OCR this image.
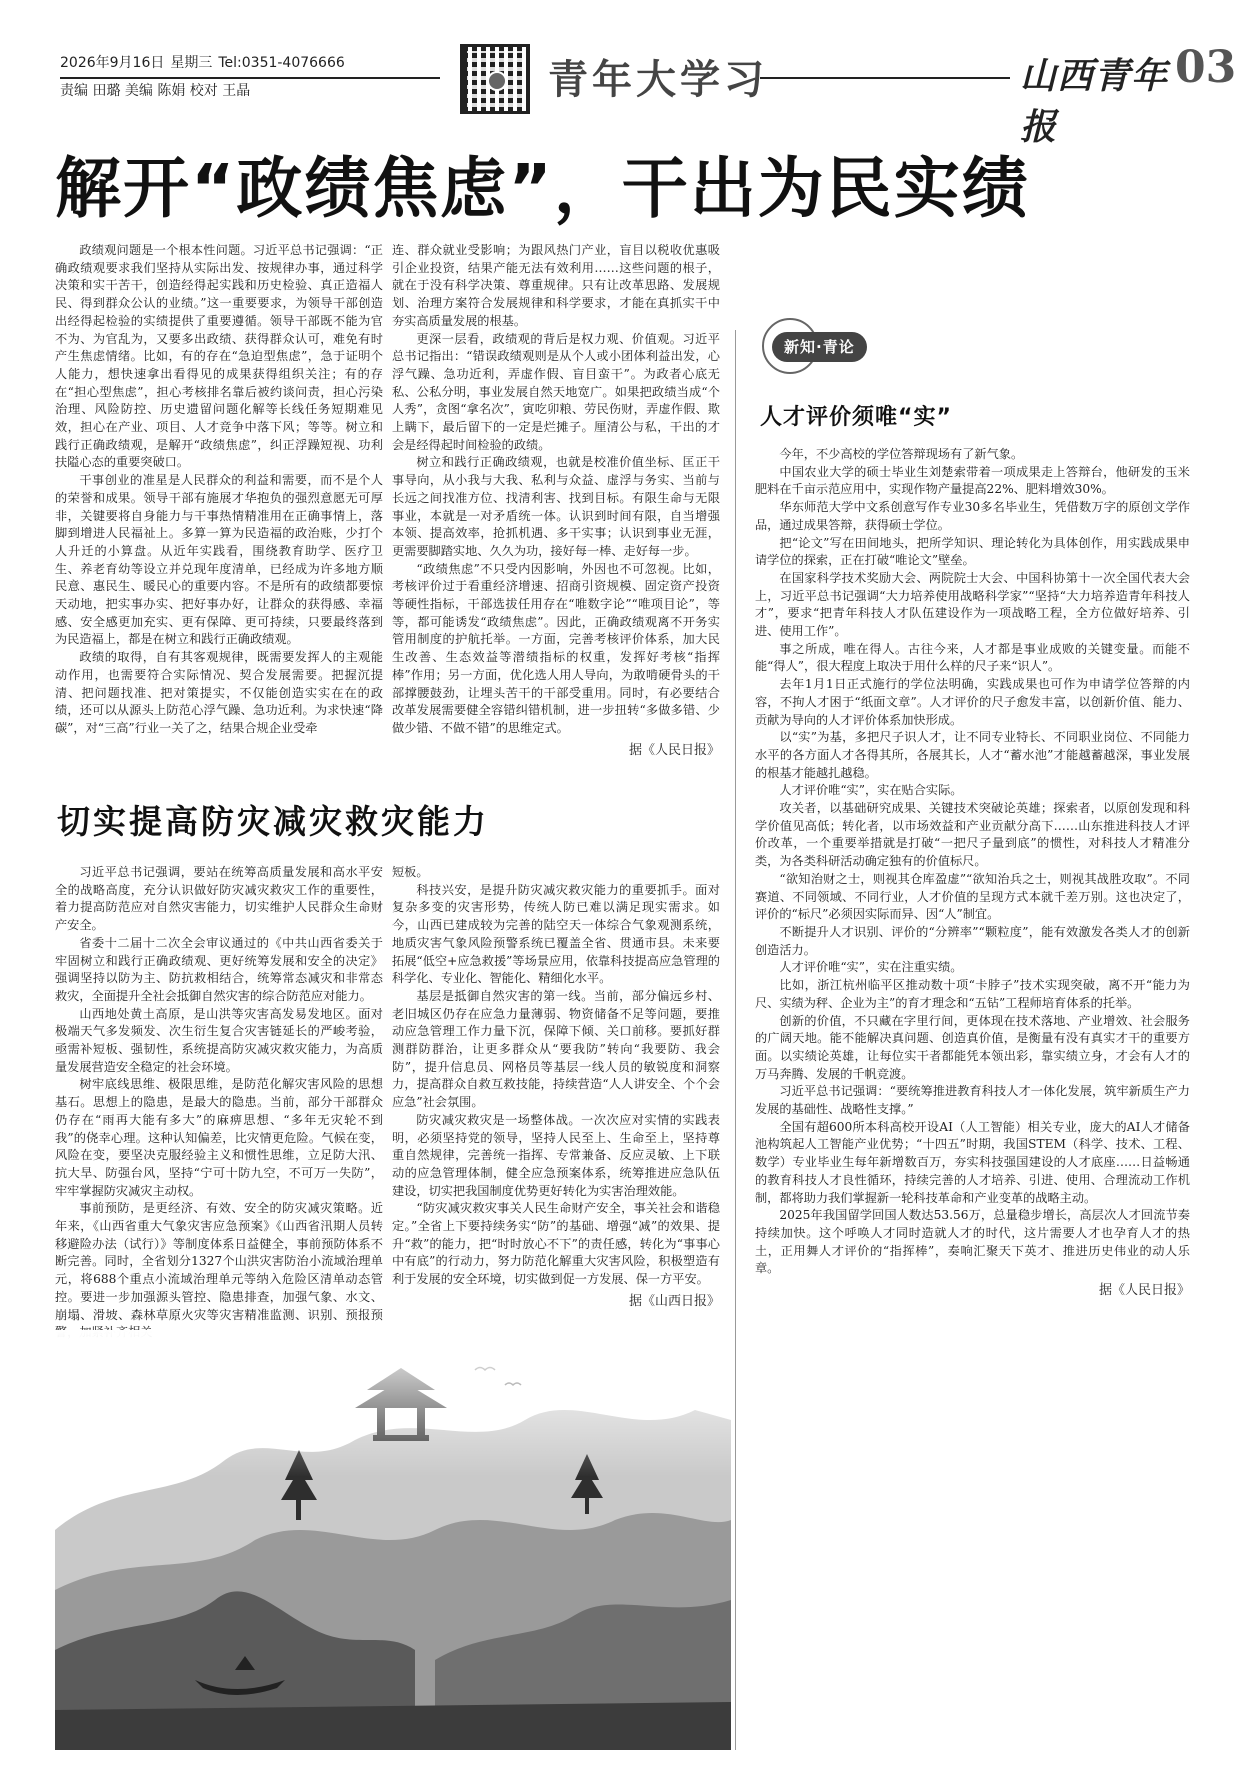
2026年9月16日 星期三 Tel:0351-4076666
责编 田璐 美编 陈娟 校对 王晶	青年大学习	山西青年报
03
解开“政绩焦虑”，干出为民实绩

政绩观问题是一个根本性问题。习近平总书记强调：“正确政绩观要求我们坚持从实际出发、按规律办事，通过科学决策和实干苦干，创造经得起实践和历史检验、真正造福人民、得到群众公认的业绩。”这一重要要求，为领导干部创造出经得起检验的实绩提供了重要遵循。领导干部既不能为官不为、为官乱为，又要多出政绩、获得群众认可，难免有时产生焦虑情绪。比如，有的存在“急迫型焦虑”，急于证明个人能力，想快速拿出看得见的成果获得组织关注；有的存在“担心型焦虑”，担心考核排名靠后被约谈问责，担心污染治理、风险防控、历史遗留问题化解等长线任务短期难见效，担心在产业、项目、人才竞争中落下风；等等。树立和践行正确政绩观，是解开“政绩焦虑”，纠正浮躁短视、功利扶隘心态的重要突破口。

干事创业的准星是人民群众的利益和需要，而不是个人的荣誉和成果。领导干部有施展才华抱负的强烈意愿无可厚非，关键要将自身能力与干事热情精准用在正确事情上，落脚到增进人民福祉上。多算一算为民造福的政治账，少打个人升迁的小算盘。从近年实践看，围绕教育助学、医疗卫生、养老育幼等设立并兑现年度清单，已经成为许多地方顺民意、惠民生、暖民心的重要内容。不是所有的政绩都要惊天动地，把实事办实、把好事办好，让群众的获得感、幸福感、安全感更加充实、更有保障、更可持续，只要最终落到为民造福上，都是在树立和践行正确政绩观。

政绩的取得，自有其客观规律，既需要发挥人的主观能动作用，也需要符合实际情况、契合发展需要。把握沉提清、把问题找准、把对策提实，不仅能创造实实在在的政绩，还可以从源头上防范心浮气躁、急功近利。为求快速“降碳”，对“三高”行业一关了之，结果合规企业受牵

连、群众就业受影响；为跟风热门产业，盲目以税收优惠吸引企业投资，结果产能无法有效利用……这些问题的根子，就在于没有科学决策、尊重规律。只有让改革思路、发展规划、治理方案符合发展规律和科学要求，才能在真抓实干中夯实高质量发展的根基。

更深一层看，政绩观的背后是权力观、价值观。习近平总书记指出：“错误政绩观则是从个人或小团体利益出发，心浮气躁、急功近利，弄虚作假、盲目蛮干”。为政者心底无私、公私分明，事业发展自然天地宽广。如果把政绩当成“个人秀”，贪图“拿名次”，寅吃卯粮、劳民伤财，弄虚作假、欺上瞒下，最后留下的一定是烂摊子。厘清公与私，干出的才会是经得起时间检验的政绩。

树立和践行正确政绩观，也就是校准价值坐标、匡正干事导向，从小我与大我、私利与众益、虚浮与务实、当前与长远之间找准方位、找清利害、找到目标。有限生命与无限事业，本就是一对矛盾统一体。认识到时间有限，自当增强本领、提高效率，抢抓机遇、多干实事；认识到事业无涯，更需要脚踏实地、久久为功，接好每一棒、走好每一步。

“政绩焦虑”不只受内因影响，外因也不可忽视。比如，考核评价过于看重经济增速、招商引资规模、固定资产投资等硬性指标，干部选拔任用存在“唯数字论”“唯项目论”，等等，都可能诱发“政绩焦虑”。因此，正确政绩观离不开务实管用制度的护航托举。一方面，完善考核评价体系，加大民生改善、生态效益等潜绩指标的权重，发挥好考核“指挥棒”作用；另一方面，优化选人用人导向，为敢啃硬骨头的干部撑腰鼓劲，让埋头苦干的干部受重用。同时，有必要结合改革发展需要健全容错纠错机制，进一步扭转“多做多错、少做少错、不做不错”的思维定式。

据《人民日报》
切实提高防灾减灾救灾能力

习近平总书记强调，要站在统筹高质量发展和高水平安全的战略高度，充分认识做好防灾减灾救灾工作的重要性，着力提高防范应对自然灾害能力，切实维护人民群众生命财产安全。

省委十二届十二次全会审议通过的《中共山西省委关于牢固树立和践行正确政绩观、更好统筹发展和安全的决定》强调坚持以防为主、防抗救相结合，统筹常态减灾和非常态救灾，全面提升全社会抵御自然灾害的综合防范应对能力。

山西地处黄土高原，是山洪等灾害高发易发地区。面对极端天气多发频发、次生衍生复合灾害链延长的严峻考验，亟需补短板、强韧性，系统提高防灾减灾救灾能力，为高质量发展营造安全稳定的社会环境。

树牢底线思维、极限思维，是防范化解灾害风险的思想基石。思想上的隐患，是最大的隐患。当前，部分干部群众仍存在“雨再大能有多大”的麻痹思想、“多年无灾轮不到我”的侥幸心理。这种认知偏差，比灾情更危险。气候在变，风险在变，要坚决克服经验主义和惯性思维，立足防大汛、抗大旱、防强台风，坚持“宁可十防九空，不可万一失防”，牢牢掌握防灾减灾主动权。

事前预防，是更经济、有效、安全的防灾减灾策略。近年来，《山西省重大气象灾害应急预案》《山西省汛期人员转移避险办法（试行）》等制度体系日益健全，事前预防体系不断完善。同时，全省划分1327个山洪灾害防治小流域治理单元，将688个重点小流域治理单元等纳入危险区清单动态管控。要进一步加强源头管控、隐患排查，加强气象、水文、崩塌、滑坡、森林草原火灾等灾害精准监测、识别、预报预

短板。

科技兴安，是提升防灾减灾救灾能力的重要抓手。面对复杂多变的灾害形势，传统人防已难以满足现实需求。如今，山西已建成较为完善的陆空天一体综合气象观测系统，地质灾害气象风险预警系统已覆盖全省、贯通市县。未来要拓展“低空+应急救援”等场景应用，依靠科技提高应急管理的科学化、专业化、智能化、精细化水平。

基层是抵御自然灾害的第一线。当前，部分偏远乡村、老旧城区仍存在应急力量薄弱、物资储备不足等问题，要推动应急管理工作力量下沉，保障下倾、关口前移。要抓好群测群防群治，让更多群众从“要我防”转向“我要防、我会防”，提升信息员、网格员等基层一线人员的敏锐度和洞察力，提高群众自救互救技能，持续营造“人人讲安全、个个会应急”社会氛围。

防灾减灾救灾是一场整体战。一次次应对实情的实践表明，必须坚持党的领导，坚持人民至上、生命至上，坚持尊重自然规律，完善统一指挥、专常兼备、反应灵敏、上下联动的应急管理体制，健全应急预案体系，统筹推进应急队伍建设，切实把我国制度优势更好转化为实害治理效能。

“防灾减灾救灾事关人民生命财产安全，事关社会和谐稳定。”全省上下要持续务实“防”的基础、增强“减”的效果、提升“救”的能力，把“时时放心不下”的责任感，转化为“事事心中有底”的行动力，努力防范化解重大灾害风险，积极塑造有利于发展的安全环境，切实做到促一方发展、保一方平安。

据《山西日报》
新知·青论
人才评价须唯“实”

今年，不少高校的学位答辩现场有了新气象。

中国农业大学的硕士毕业生刘楚索带着一项成果走上答辩台，他研发的玉米肥料在千亩示范应用中，实现作物产量提高22%、肥料增效30%。

华东师范大学中文系创意写作专业30多名毕业生，凭借数万字的原创文学作品，通过成果答辩，获得硕士学位。

把“论文”写在田间地头，把所学知识、理论转化为具体创作，用实践成果申请学位的探索，正在打破“唯论文”壁垒。

在国家科学技术奖励大会、两院院士大会、中国科协第十一次全国代表大会上，习近平总书记强调“大力培养使用战略科学家”“坚持“大力培养造青年科技人才”，要求“把青年科技人才队伍建设作为一项战略工程，全方位做好培养、引进、使用工作”。

事之所成，唯在得人。古往今来，人才都是事业成败的关键变量。而能不能“得人”，很大程度上取决于用什么样的尺子来“识人”。

去年1月1日正式施行的学位法明确，实践成果也可作为申请学位答辩的内容，不拘人才困于“纸面文章”。人才评价的尺子愈发丰富，以创新价值、能力、贡献为导向的人才评价体系加快形成。

以“实”为基，多把尺子识人才，让不同专业特长、不同职业岗位、不同能力水平的各方面人才各得其所，各展其长，人才“蓄水池”才能越蓄越深，事业发展的根基才能越扎越稳。

人才评价唯“实”，实在贴合实际。

攻关者，以基础研究成果、关键技术突破论英雄；探索者，以原创发现和科学价值见高低；转化者，以市场效益和产业贡献分高下……山东推进科技人才评价改革，一个重要举措就是打破“一把尺子量到底”的惯性，对科技人才精准分类，为各类科研活动确定独有的价值标尺。

“欲知治财之士，则视其仓库盈虚”“欲知治兵之士，则视其战胜攻取”。不同赛道、不同领域、不同行业，人才价值的呈现方式本就千差万别。这也决定了，评价的“标尺”必须因实际而异、因“人”制宜。

不断提升人才识别、评价的“分辨率”“颗粒度”，能有效激发各类人才的创新创造活力。

人才评价唯“实”，实在注重实绩。

比如，浙江杭州临平区推动数十项“卡脖子”技术实现突破，离不开“能力为尺、实绩为秤、企业为主”的育才理念和“五钻”工程师培育体系的托举。

创新的价值，不只藏在字里行间，更体现在技术落地、产业增效、社会服务的广阔天地。能不能解决真问题、创造真价值，是衡量有没有真实才干的重要方面。以实绩论英雄，让每位实干者都能凭本领出彩，靠实绩立身，才会有人才的万马奔腾、发展的千帆竞渡。

习近平总书记强调：“要统筹推进教育科技人才一体化发展，筑牢新质生产力发展的基础性、战略性支撑。”

全国有超600所本科高校开设AI（人工智能）相关专业，庞大的AI人才储备池构筑起人工智能产业优势；“十四五”时期，我国STEM（科学、技术、工程、数学）专业毕业生每年新增数百万，夯实科技强国建设的人才底座……日益畅通的教育科技人才良性循环，持续完善的人才培养、引进、使用、合理流动工作机制，都将助力我们掌握新一轮科技革命和产业变革的战略主动。

2025年我国留学回国人数达53.56万，总量稳步增长，高层次人才回流节奏持续加快。这个呼唤人才同时造就人才的时代，这片需要人才也孕育人才的热土，正用舞人才评价的“指挥棒”，奏响汇聚天下英才、推进历史伟业的动人乐章。

据《人民日报》
